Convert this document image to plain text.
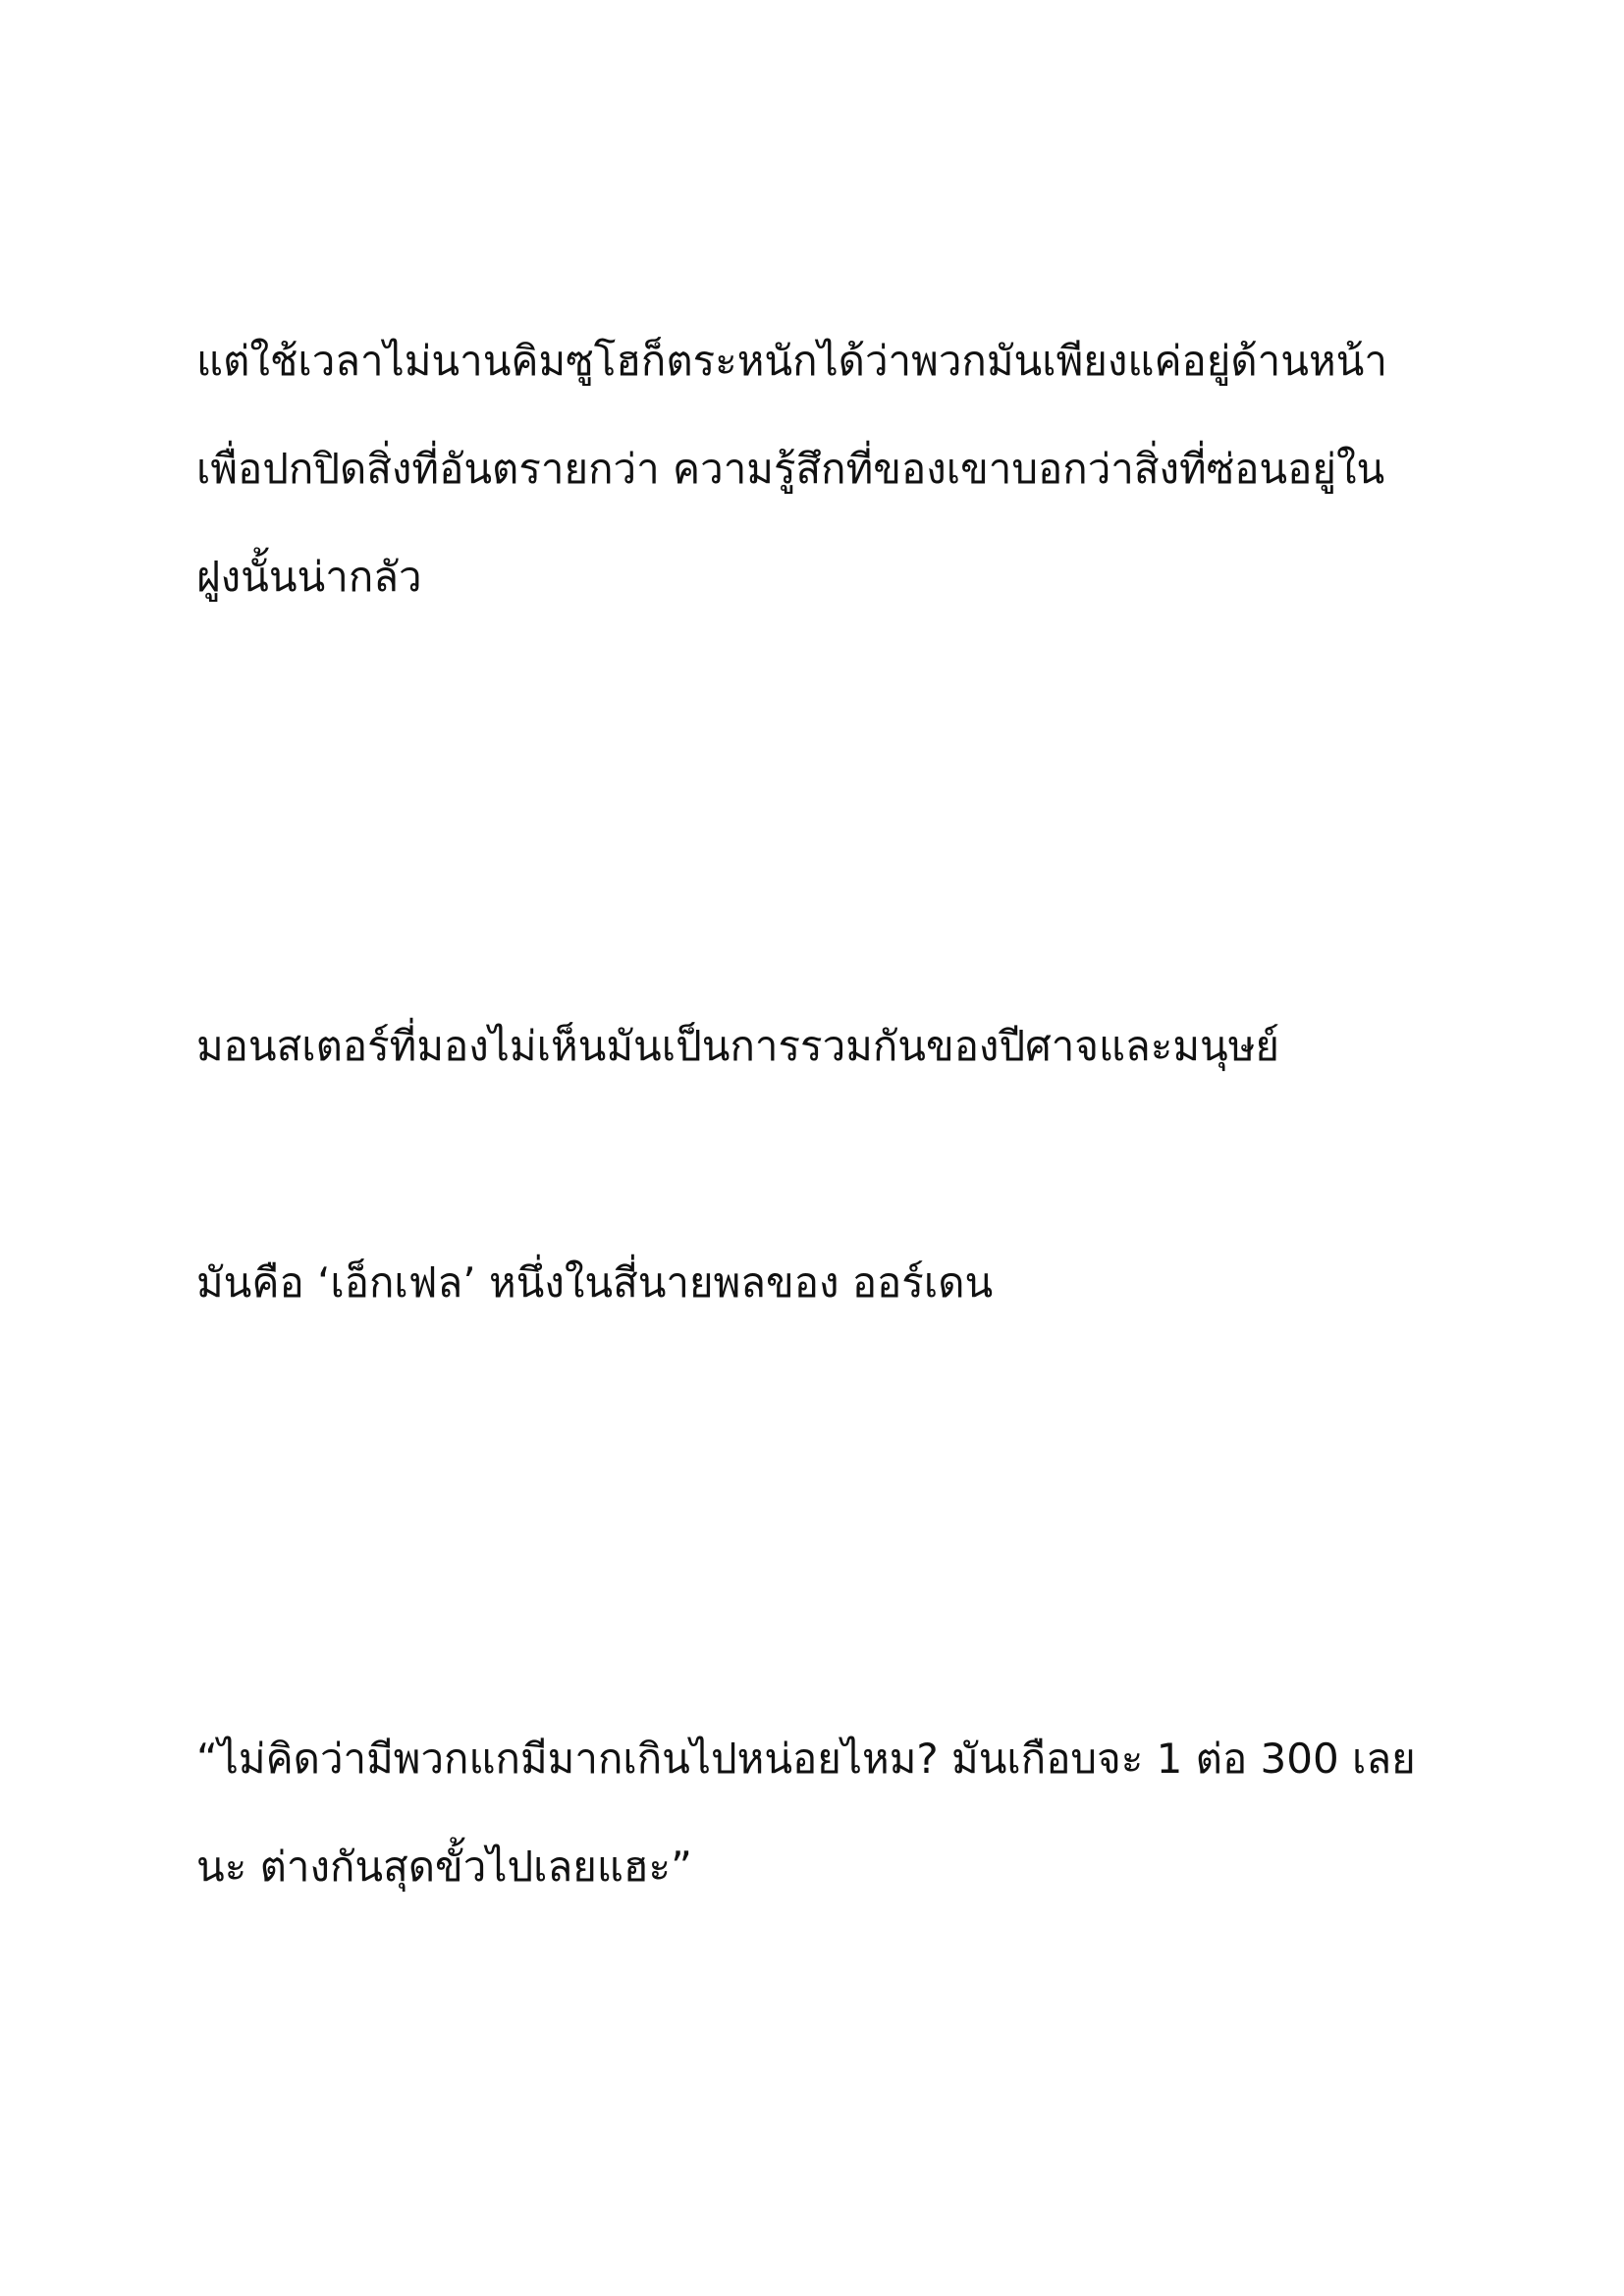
แต่ใช้เวลาไม่นานคิมซูโฮก็ตระหนักได้ว่าพวกมันเพียงแค่อยู่ด้านหน้า
เพื่อปกปิดสิ่งที่อันตรายกว่า ความรู้สึกที่ของเขาบอกว่าสิ่งที่ซ่อนอยู่ใน
ฝูงนั้นน่ากลัว

มอนสเตอร์ที่มองไม่เห็นมันเป็นการรวมกันของปีศาจและมนุษย์

มันคือ ‘เอ็กเฟล’ หนึ่งในสี่นายพลของ ออร์เดน

“ไม่คิดว่ามีพวกแกมีมากเกินไปหน่อยไหม? มันเกือบจะ 1 ต่อ 300 เลย
นะ ต่างกันสุดขั้วไปเลยแฮะ”
